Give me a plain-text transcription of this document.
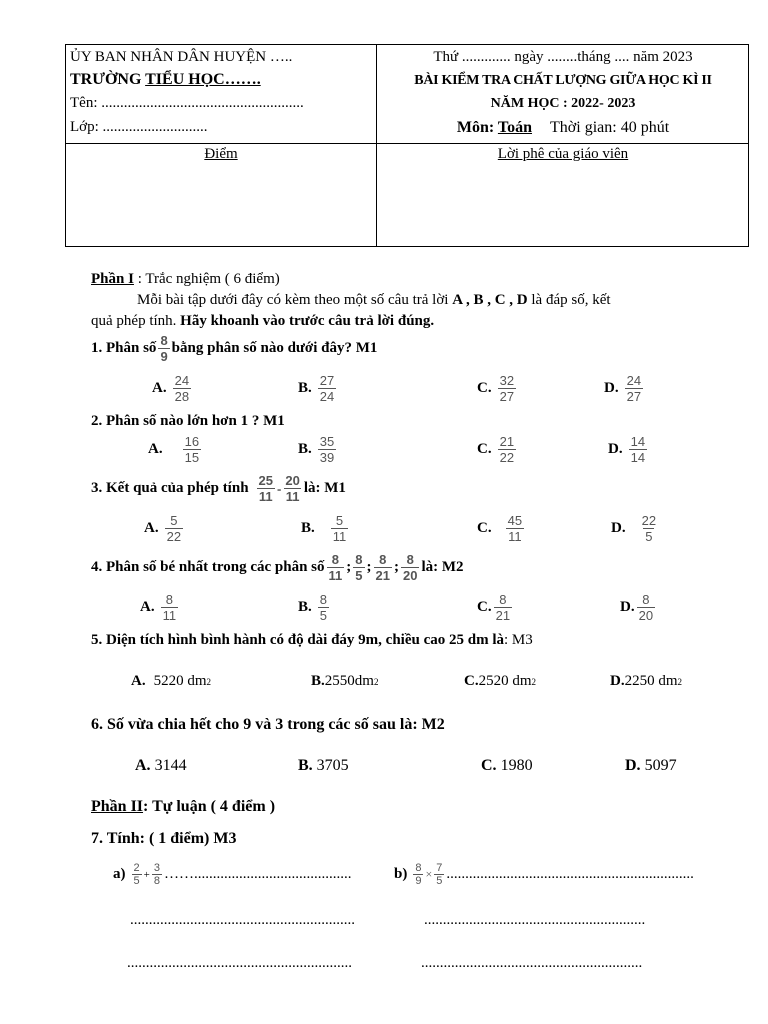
ỦY BAN NHÂN DÂN HUYỆN …..
TRƯỜNG TIỂU HỌC…….
Tên: ......................................................
Lớp: ............................
Thứ ............. ngày ........tháng .... năm 2023
BÀI KIỂM TRA CHẤT LƯỢNG GIỮA HỌC KÌ II
NĂM HỌC : 2022- 2023
Môn: Toán Thời gian: 40 phút
Điểm	Lời phê của giáo viên
Phần I : Trắc nghiệm ( 6 điểm)
Mỗi bài tập dưới đây có kèm theo một số câu trả lời A , B , C , D là đáp số, kết
quả phép tính. Hãy khoanh vào trước câu trả lời đúng.
1. Phân số $\frac{8}{9}$ bằng phân số nào dưới đây? M1
A. $\frac{24}{28}$	B. $\frac{27}{24}$	C. $\frac{32}{27}$	D. $\frac{24}{27}$
2. Phân số nào lớn hơn 1 ? M1
A. $\frac{16}{15}$	B. $\frac{35}{39}$	C. $\frac{21}{22}$	D. $\frac{14}{14}$
3. Kết quả của phép tính $\frac{25}{11} - \frac{20}{11}$ là: M1
A. $\frac{5}{22}$	B. $\frac{5}{11}$	C. $\frac{45}{11}$	D. $\frac{22}{5}$
4. Phân số bé nhất trong các phân số $\frac{8}{11}$ ; $\frac{8}{5}$ ; $\frac{8}{21}$ ; $\frac{8}{20}$ là: M2
A. $\frac{8}{11}$	B. $\frac{8}{5}$	C. $\frac{8}{21}$	D. $\frac{8}{20}$
5. Diện tích hình bình hành có độ dài đáy 9m, chiều cao 25 dm là: M3
A. 5220 dm 2	B. 2550dm 2	C. 2520 dm 2	D. 2250 dm 2
6. Số vừa chia hết cho 9 và 3 trong các số sau là: M2
A. 3144	B. 3705	C. 1980	D. 5097
Phần II: Tự luận ( 4 điểm )
7. Tính: ( 1 điểm) M3
$a) \frac{2}{5} + \frac{3}{8}$ ……..........................................	$b) \frac{8}{9} \times \frac{7}{5}$ ..................................................................
............................................................	...........................................................
............................................................	...........................................................
